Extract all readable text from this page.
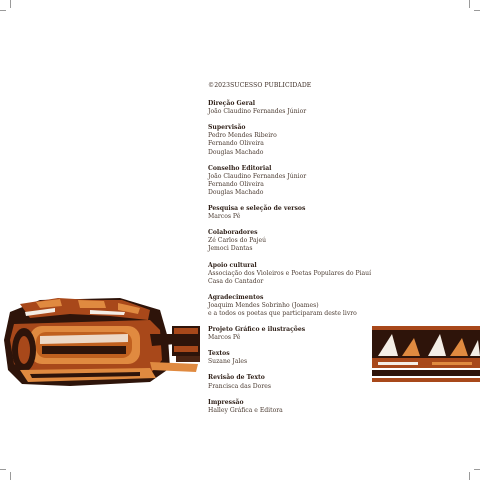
©2023SUCESSO PUBLICIDADE
Direção Geral
João Claudino Fernandes Júnior
Supervisão
Pedro Mendes Ribeiro
Fernando Oliveira
Douglas Machado
Conselho Editorial
João Claudino Fernandes Júnior
Fernando Oliveira
Douglas Machado
Pesquisa e seleção de versos
Marcos Pê
Colaboradores
Zé Carlos do Pajeú
Jemoci Dantas
Apoio cultural
Associação dos Violeiros e Poetas Populares do Piauí
Casa do Cantador
Agradecimentos
Joaquim Mendes Sobrinho (Joames)
e a todos os poetas que participaram deste livro
Projeto Gráfico e ilustrações
Marcos Pê
Textos
Suzane Jales
Revisão de Texto
Francisca das Dores
Impressão
Halley Gráfica e Editora
